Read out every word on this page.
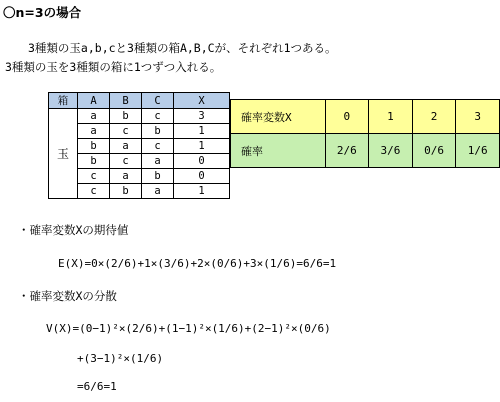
〇n=3の場合
3種類の玉a,b,cと3種類の箱A,B,Cが、それぞれ1つある。
3種類の玉を3種類の箱に1つずつ入れる。
箱	A	B	C	X
玉	a	b	c	3
	a	c	b	1
	b	a	c	1
	b	c	a	0
	c	a	b	0
	c	b	a	1
確率変数X	0	1	2	3
確率	2/6	3/6	0/6	1/6
・確率変数Xの期待値
E(X)=0×(2/6)+1×(3/6)+2×(0/6)+3×(1/6)=6/6=1
・確率変数Xの分散
V(X)=(0−1)²×(2/6)+(1−1)²×(1/6)+(2−1)²×(0/6)
+(3−1)²×(1/6)
=6/6=1
